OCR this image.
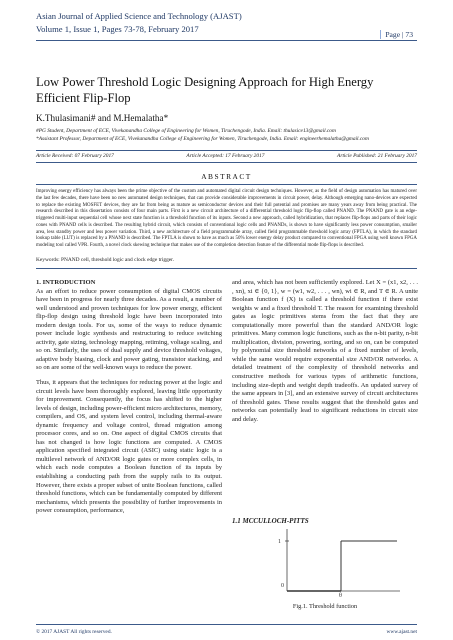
Asian Journal of Applied Science and Technology (AJAST)
Volume 1, Issue 1, Pages 73-78, February 2017
Page | 73
Low Power Threshold Logic Designing Approach for High Energy Efficient Flip-Flop
K.Thulasimani# and M.Hemalatha*
#PG Student, Department of ECE, Vivekanandha College of Engineering for Women, Tiruchengode, India. Email: thulasice13@gmail.com
*Assistant Professor, Department of ECE, Vivekanandha College of Engineering for Women, Tiruchengode, India. Email: engineerhemalatha@gmail.com
Article Received: 07 February 2017	Article Accepted: 17 February 2017	Article Published: 21 February 2017
ABSTRACT
Improving energy efficiency has always been the prime objective of the custom and automated digital circuit design techniques. However, as the field of design automation has matured over the last few decades, there have been no new automated design techniques, that can provide considerable improvements in circuit power, delay. Although emerging nano-devices are expected to replace the existing MOSFET devices, they are far from being as mature as semiconductor devices and their full potential and promises are many years away from being practical. The research described in this dissertation consists of four main parts. First is a new circuit architecture of a differential threshold logic flip-flop called PNAND. The PNAND gate is an edge-triggered multi-input sequential cell whose next state function is a threshold function of its inputs. Second a new approach, called hybridization, that replaces flip-flops and parts of their logic cones with PNAND cells is described. The resulting hybrid circuit, which consists of conventional logic cells and PNANDs, is shown to have significantly less power consumption, smaller area, less standby power and less power variation. Third, a new architecture of a field programmable array, called field programmable threshold logic array (FPTLA), in which the standard lookup table (LUT) is replaced by a PNAND is described. The FPTLA is shown to have as much as 50% lower energy delay product compared to conventional FPGA using well known FPGA modeling tool called VPR. Fourth, a novel clock skewing technique that makes use of the completion detection feature of the differential mode flip-flops is described.
Keywords: PNAND cell, threshold logic and clock edge trigger.
1. INTRODUCTION

As an effort to reduce power consumption of digital CMOS circuits have been in progress for nearly three decades. As a result, a number of well understood and proven techniques for low power energy, efficient flip-flop design using threshold logic have been incorporated into modern design tools. For us, some of the ways to reduce dynamic power include logic synthesis and restructuring to reduce switching activity, gate sizing, technology mapping, retiming, voltage scaling, and so on. Similarly, the uses of dual supply and device threshold voltages, adaptive body biasing, clock and power gating, transistor stacking, and so on are some of the well-known ways to reduce the power.

Thus, it appears that the techniques for reducing power at the logic and circuit levels have been thoroughly explored, leaving little opportunity for improvement. Consequently, the focus has shifted to the higher levels of design, including power-efficient micro architectures, memory, compilers, and OS, and system level control, including thermal-aware dynamic frequency and voltage control, thread migration among processor cores, and so on. One aspect of digital CMOS circuits that has not changed is how logic functions are computed. A CMOS application specified integrated circuit (ASIC) using static logic is a multilevel network of AND/OR logic gates or more complex cells, in which each node computes a Boolean function of its inputs by establishing a conducting path from the supply rails to its output. However, there exists a proper subset of unite Boolean functions, called threshold functions, which can be fundamentally computed by different mechanisms, which presents the possibility of further improvements in power consumption, performance,

and area, which has not been sufficiently explored. Let X = (x1, x2, . . . , xn), xi ∈ {0, 1}, w = (w1, w2, . . . , wn), wi ∈ R, and T ∈ R. A unite Boolean function f (X) is called a threshold function if there exist weights w and a fixed threshold T. The reason for examining threshold gates as logic primitives stems from the fact that they are computationally more powerful than the standard AND/OR logic primitives. Many common logic functions, such as the n-bit parity, n-bit multiplication, division, powering, sorting, and so on, can be computed by polynomial size threshold networks of a fixed number of levels, while the same would require exponential size AND/OR networks. A detailed treatment of the complexity of threshold networks and constructive methods for various types of arithmetic functions, including size-depth and weight depth tradeoffs. An updated survey of the same appears in [3], and an extensive survey of circuit architectures of threshold gates. These results suggest that the threshold gates and networks can potentially lead to significant reductions in circuit size and delay.

1.1 MCCULLOCH-PITTS
1
0
θ
Fig.1. Threshold function
© 2017 AJAST All rights reserved.	www.ajast.net
